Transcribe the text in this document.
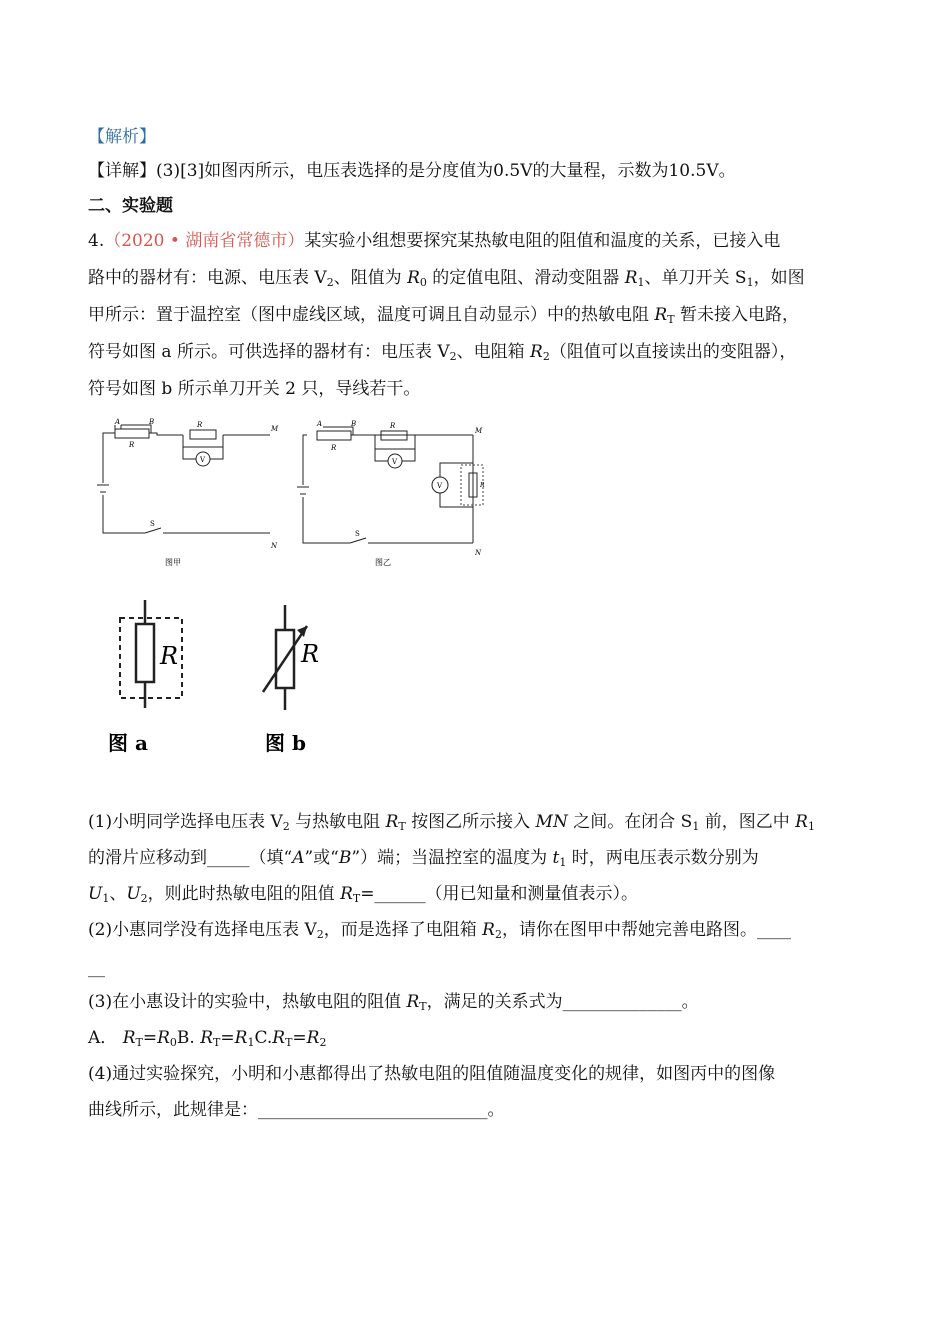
【解析】
【详解】(3)[3]如图丙所示，电压表选择的是分度值为0.5V的大量程，示数为10.5V。
二、实验题
4.（2020 • 湖南省常德市）某实验小组想要探究某热敏电阻的阻值和温度的关系，已接入电
路中的器材有：电源、电压表 $V_2$、阻值为 $R_0$ 的定值电阻、滑动变阻器 $R_1$、单刀开关 $S_1$，如图
甲所示：置于温控室（图中虚线区域，温度可调且自动显示）中的热敏电阻 $R_T$ 暂未接入电路，
符号如图 a 所示。可供选择的器材有：电压表 $V_2$、电阻箱 $R_2$（阻值可以直接读出的变阻器），
符号如图 b 所示单刀开关 2 只，导线若干。
A	B
R
R
V
M
N
S
图甲
A	B
R
R
V
V	R
M
N
S
图乙
R
图 a
R
图 b
(1)小明同学选择电压表 $V_2$ 与热敏电阻 $R_T$ 按图乙所示接入 MN 之间。在闭合 $S_1$ 前，图乙中 $R_1$
的滑片应移动到_____（填“A”或“B”）端；当温控室的温度为 $t_1$ 时，两电压表示数分别为
$U_1$、$U_2$，则此时热敏电阻的阻值 $R_T=\_\_\_\_\_\_$（用已知量和测量值表示）。
(2)小惠同学没有选择电压表 $V_2$，而是选择了电阻箱 $R_2$，请你在图甲中帮她完善电路图。____
__
(3)在小惠设计的实验中，热敏电阻的阻值 $R_T$，满足的关系式为______________。
A． $R_T=R_0B$. $R_T=R_1C.R_T=R_2$
(4)通过实验探究，小明和小惠都得出了热敏电阻的阻值随温度变化的规律，如图丙中的图像
曲线所示，此规律是：___________________________。
